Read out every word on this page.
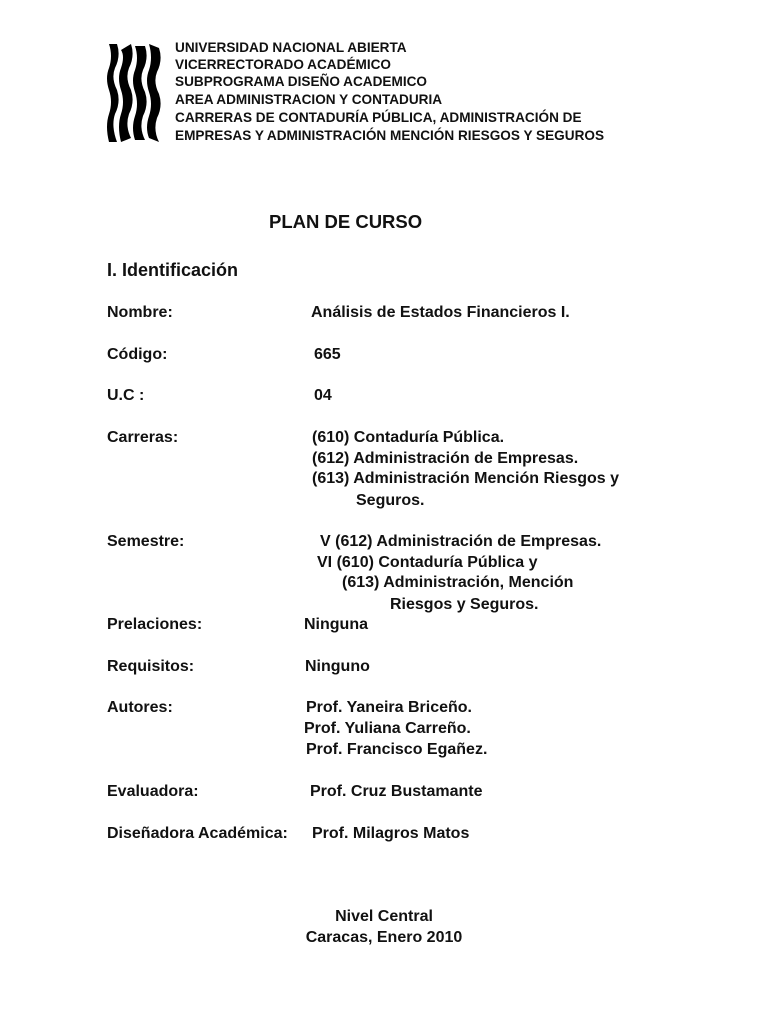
UNIVERSIDAD NACIONAL ABIERTA
VICERRECTORADO ACADÉMICO
SUBPROGRAMA DISEÑO ACADEMICO
AREA ADMINISTRACION Y CONTADURIA
CARRERAS DE CONTADURÍA PÚBLICA, ADMINISTRACIÓN DE
EMPRESAS Y ADMINISTRACIÓN MENCIÓN RIESGOS Y SEGUROS
PLAN DE CURSO
I. Identificación
Nombre:	Análisis de Estados Financieros I.
Código:	665
U.C :	04
Carreras:	(610) Contaduría Pública.
(612) Administración de Empresas.
(613) Administración Mención Riesgos y
Seguros.
Semestre:	V (612) Administración de Empresas.
VI (610) Contaduría Pública y
(613) Administración, Mención
Riesgos y Seguros.
Prelaciones:	Ninguna
Requisitos:	Ninguno
Autores:	Prof. Yaneira Briceño.
Prof. Yuliana Carreño.
Prof. Francisco Egañez.
Evaluadora:	Prof. Cruz Bustamante
Diseñadora Académica: Prof. Milagros Matos
Nivel Central
Caracas, Enero 2010
